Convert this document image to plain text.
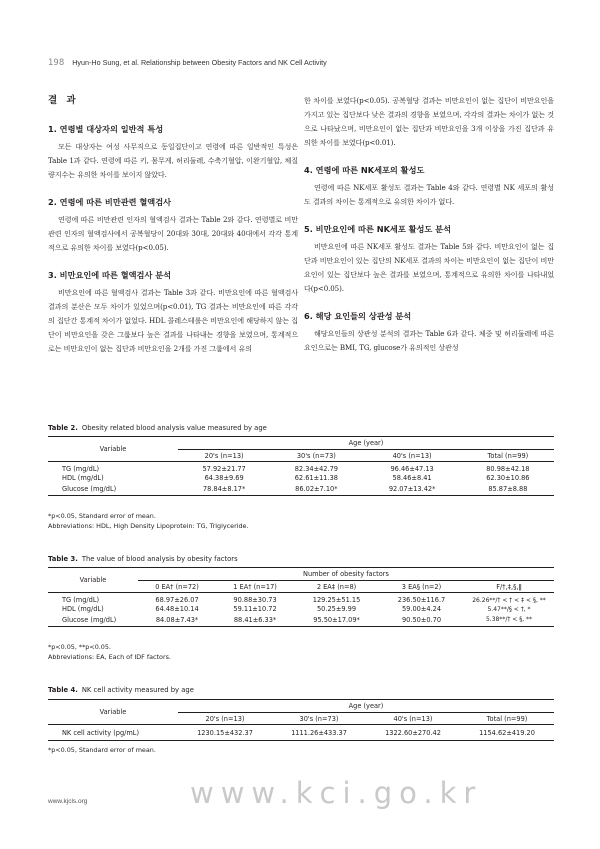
198 Hyun-Ho Sung, et al. Relationship between Obesity Factors and NK Cell Activity
결 과
1. 연령별 대상자의 일반적 특성

모든 대상자는 여성 사무직으로 동일집단이고 연령에 따른 일반적인 특성은 Table 1과 같다. 연령에 따른 키, 몸무게, 허리둘레, 수축기혈압, 이완기혈압, 체질량지수는 유의한 차이를 보이지 않았다.

2. 연령에 따른 비만관련 혈액검사

연령에 따른 비만관련 인자의 혈액검사 결과는 Table 2와 같다. 연령별로 비만 관련 인자의 혈액검사에서 공복혈당이 20대와 30대, 20대와 40대에서 각각 통계적으로 유의한 차이를 보였다(p<0.05).

3. 비만요인에 따른 혈액검사 분석

비만요인에 따른 혈액검사 결과는 Table 3과 같다. 비만요인에 따른 혈액검사결과의 분산은 모두 차이가 있었으며(p<0.01), TG 결과는 비만요인에 따른 각각의 집단간 통계적 차이가 없었다. HDL 콜레스테롤은 비만요인에 해당하지 않는 집단이 비만요인을 갖은 그룹보다 높은 결과를 나타내는 경향을 보였으며, 통계적으로는 비만요인이 없는 집단과 비만요인을 2개를 가진 그룹에서 유의

한 차이를 보였다(p<0.05). 공복혈당 결과는 비만요인이 없는 집단이 비만요인을 가지고 있는 집단보다 낮은 결과의 경향을 보였으며, 각각의 결과는 차이가 없는 것으로 나타났으며, 비만요인이 없는 집단과 비만요인을 3개 이상을 가진 집단과 유의한 차이를 보였다(p<0.01).

4. 연령에 따른 NK세포의 활성도

연령에 따른 NK세포 활성도 결과는 Table 4와 같다. 연령별 NK 세포의 활성도 결과의 차이는 통계적으로 유의한 차이가 없다.

5. 비만요인에 따른 NK세포 활성도 분석

비만요인에 따른 NK세포 활성도 결과는 Table 5와 같다. 비만요인이 없는 집단과 비만요인이 있는 집단의 NK세포 결과의 차이는 비만요인이 없는 집단이 비만요인이 있는 집단보다 높은 결과를 보였으며, 통계적으로 유의한 차이를 나타내었다(p<0.05).

6. 해당 요인들의 상관성 분석

해당요인들의 상관성 분석의 결과는 Table 6과 같다. 체중 및 허리둘레에 따른 요인으로는 BMI, TG, glucose가 유의적인 상관성

Table 2. Obesity related blood analysis value measured by age
Variable	Age (year)			
	20's (n=13)	30's (n=73)	40's (n=13)	Total (n=99)
TG (mg/dL)	57.92±21.77	82.34±42.79	96.46±47.13	80.98±42.18
HDL (mg/dL)	64.38±9.69	62.61±11.38	58.46±8.41	62.30±10.86
Glucose (mg/dL)	78.84±8.17*	86.02±7.10*	92.07±13.42*	85.87±8.88
*p<0.05, Standard error of mean.
Abbreviations: HDL, High Density Lipoprotein: TG, Triglyceride.
Table 3. The value of blood analysis by obesity factors
Variable	Number of obesity factors				
	0 EA† (n=72)	1 EA† (n=17)	2 EA‡ (n=8)	3 EA§ (n=2)	F/†,‡,§,ǁ
TG (mg/dL)	68.97±26.07	90.88±30.73	129.25±51.15	236.50±116.7	26.26**/† < † < ‡ < §, **
HDL (mg/dL)	64.48±10.14	59.11±10.72	50.25±9.99	59.00±4.24	5.47**/§ < †, *
Glucose (mg/dL)	84.08±7.43*	88.41±6.33*	95.50±17.09*	90.50±0.70	5.38**/† < §, **
*p<0.05, **p<0.05.
Abbreviations: EA, Each of IDF factors.
Table 4. NK cell activity measured by age
Variable	Age (year)			
	20's (n=13)	30's (n=73)	40's (n=13)	Total (n=99)
NK cell activity (pg/mL)	1230.15±432.37	1111.26±433.37	1322.60±270.42	1154.62±419.20
*p<0.05, Standard error of mean.
www.kci.go.kr
www.kjcls.org
